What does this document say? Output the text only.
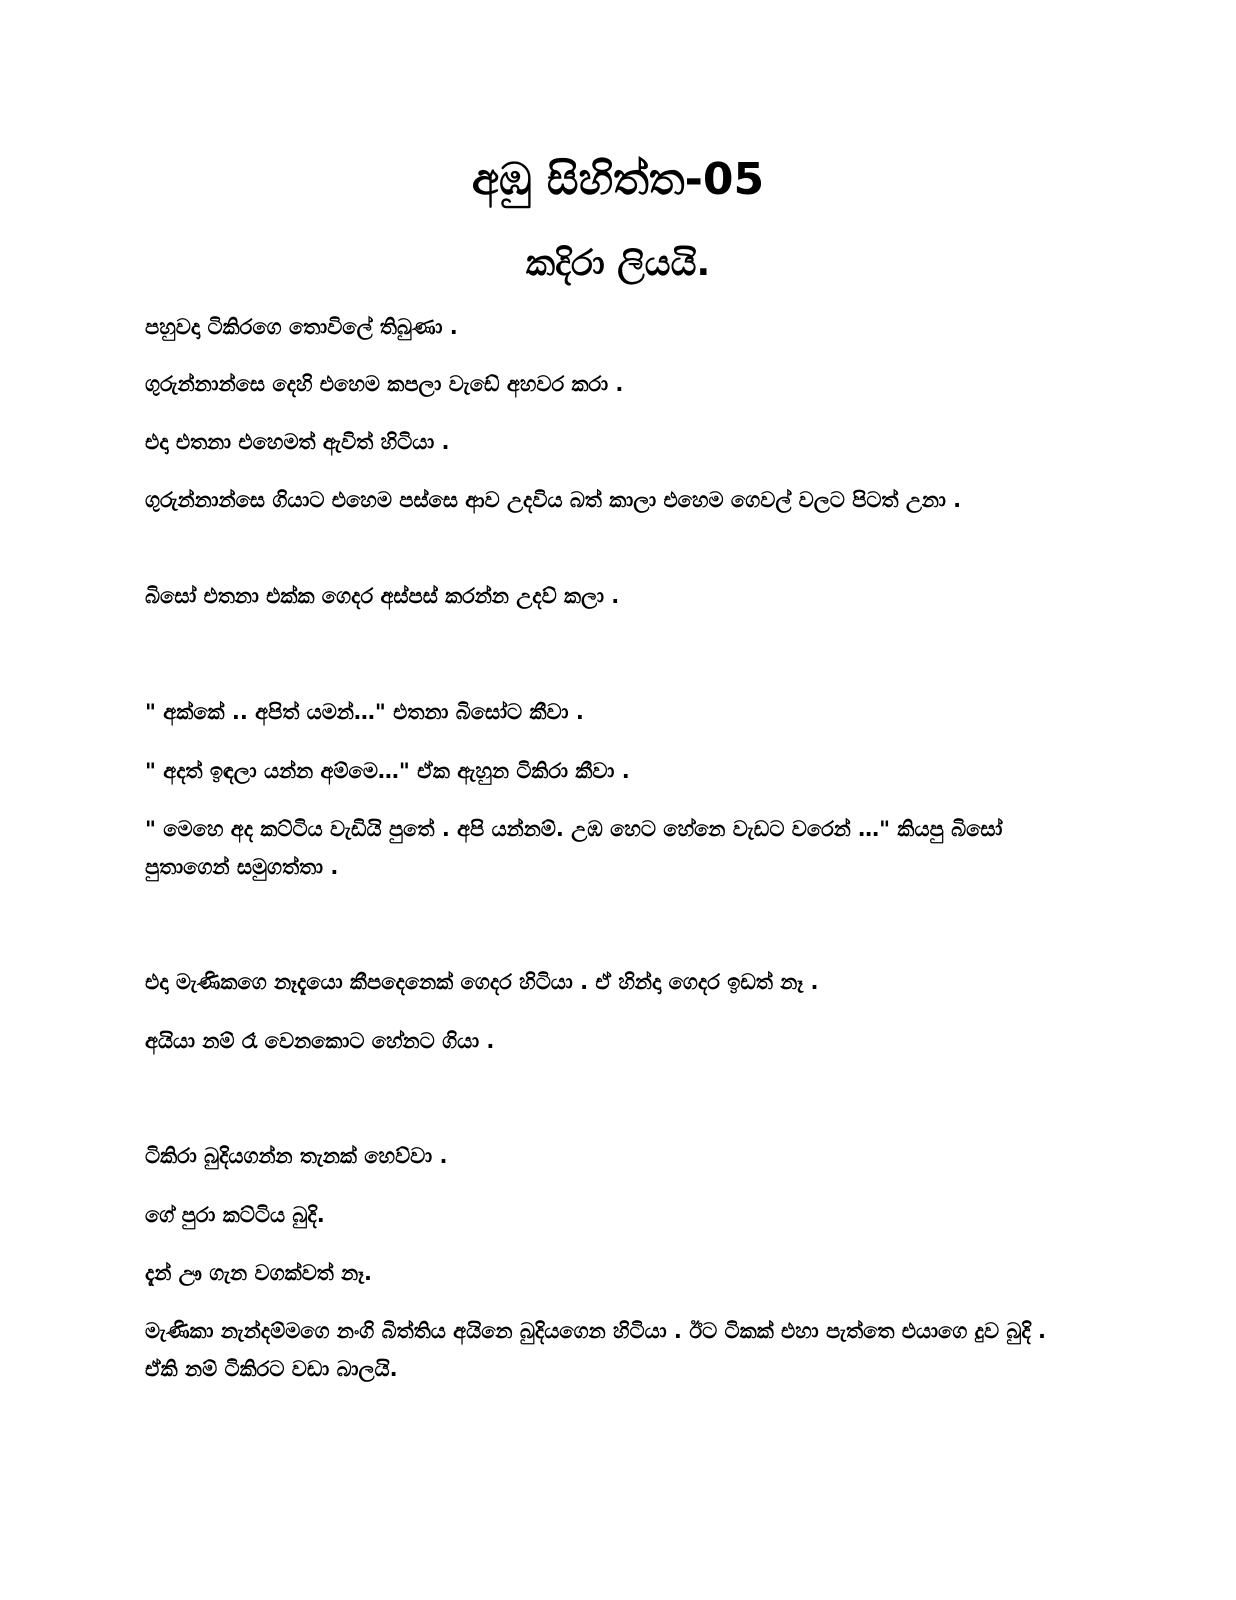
අඹු සිහිත්ත-05
කදිරා ලියයි.

පහුවදා ටිකිරගෙ තොවිලේ තිබුණා .

ගුරුන්නාන්සෙ දෙහි එහෙම කපලා වැඩේ අහවර කරා .

එදා එතනා එහෙමත් ඇවිත් හිටියා .

ගුරුන්නාන්සෙ ගියාට එහෙම පස්සෙ ආව උදවිය බත් කාලා එහෙම ගෙවල් වලට පිටත් උනා .

බිසෝ එතනා එක්ක ගෙදර අස්පස් කරන්න උදව් කලා .

" අක්කේ .. අපිත් යමන්…" එතනා බිසෝට කීවා .

" අදත් ඉඳලා යන්න අම්මෙ…" ඒක ඇහුන ටිකිරා කීවා .

" මෙහෙ අද කට්ටිය වැඩියි පුතේ . අපි යන්නම්. උඹ හෙට හේනෙ වැඩට වරෙන් …" කියපු බිසෝ පුතාගෙන් සමුගත්තා .

එදා මැණිකගෙ නෑදැයො කීපදෙනෙක් ගෙදර හිටියා . ඒ හින්දා ගෙදර ඉඩත් නෑ .

අයියා නම් රෑ වෙනකොට හේනට ගියා .

ටිකිරා බුදියගන්න තැනක් හෙව්වා .

ගේ පුරා කට්ටිය බුදි.

දැන් ඌ ගැන වගක්වත් නෑ.

මැණිකා නැන්දම්මගෙ නංගි බිත්තිය අයිනෙ බුදියගෙන හිටියා . ඊට ටිකක් එහා පැත්තෙ එයාගෙ දුව බුදි . ඒකි නම් ටිකිරට වඩා බාලයි.
